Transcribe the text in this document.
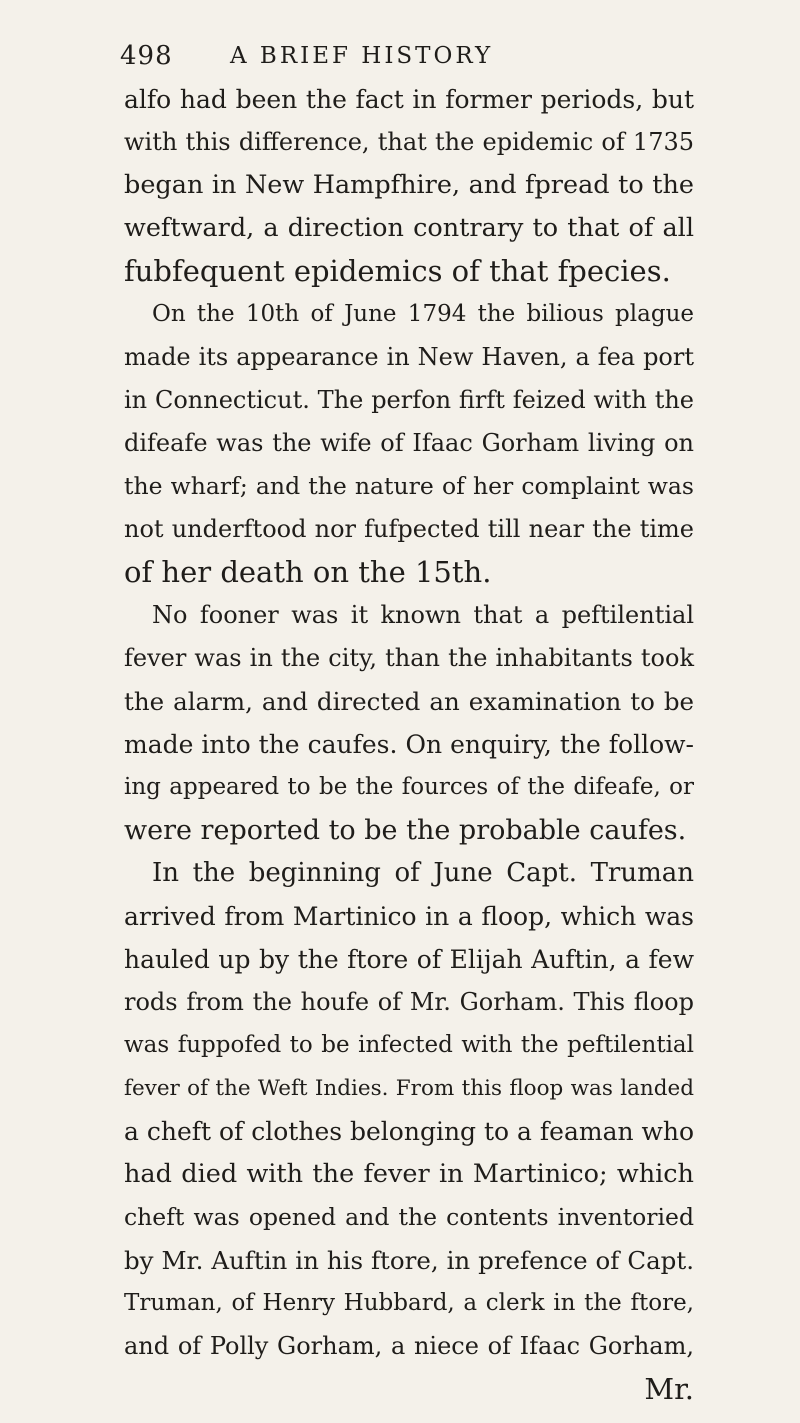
498 A BRIEF HISTORY
alfo had been the fact in former periods, but
with this difference, that the epidemic of 1735
began in New Hampfhire, and fpread to the
weftward, a direction contrary to that of all
fubfequent epidemics of that fpecies.
On the 10th of June 1794 the bilious plague
made its appearance in New Haven, a fea port
in Connecticut. The perfon firft feized with the
difeafe was the wife of Ifaac Gorham living on
the wharf; and the nature of her complaint was
not underftood nor fufpected till near the time
of her death on the 15th.
No fooner was it known that a peftilential
fever was in the city, than the inhabitants took
the alarm, and directed an examination to be
made into the caufes. On enquiry, the follow-
ing appeared to be the fources of the difeafe, or
were reported to be the probable caufes.
In the beginning of June Capt. Truman
arrived from Martinico in a floop, which was
hauled up by the ftore of Elijah Auftin, a few
rods from the houfe of Mr. Gorham. This floop
was fuppofed to be infected with the peftilential
fever of the Weft Indies. From this floop was landed
a cheft of clothes belonging to a feaman who
had died with the fever in Martinico; which
cheft was opened and the contents inventoried
by Mr. Auftin in his ftore, in prefence of Capt.
Truman, of Henry Hubbard, a clerk in the ftore,
and of Polly Gorham, a niece of Ifaac Gorham,
Mr.
